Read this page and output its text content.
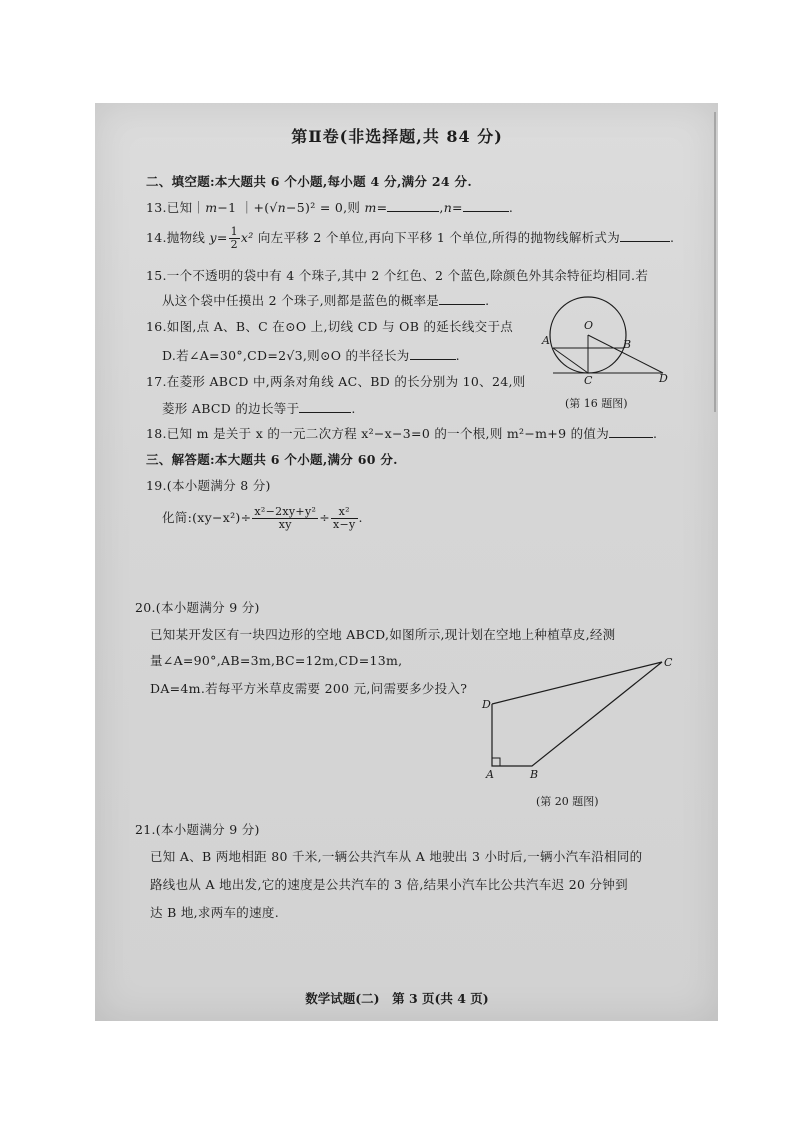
第Ⅱ卷(非选择题,共 84 分)
二、填空题:本大题共 6 个小题,每小题 4 分,满分 24 分.
13.已知｜m−1 ｜+(√n−5)² = 0,则 m=	,n=	.
14.抛物线 $y= \frac{1}{2} x^2$ 向左平移 2 个单位,再向下平移 1 个单位,所得的抛物线解析式为	.
15.一个不透明的袋中有 4 个珠子,其中 2 个红色、2 个蓝色,除颜色外其余特征均相同.若
从这个袋中任摸出 2 个珠子,则都是蓝色的概率是	.
16.如图,点 A、B、C 在⊙O 上,切线 CD 与 OB 的延长线交于点
D.若∠A=30°,CD=2√3,则⊙O 的半径长为	.
O
A	B
C	D
(第 16 题图)
17.在菱形 ABCD 中,两条对角线 AC、BD 的长分别为 10、24,则
菱形 ABCD 的边长等于	.
18.已知 m 是关于 x 的一元二次方程 x²−x−3=0 的一个根,则 m²−m+9 的值为	.
三、解答题:本大题共 6 个小题,满分 60 分.
19.(本小题满分 8 分)
化简:(xy−x²)÷ $\frac{\text{x²−2xy+y²}}{xy} \div \frac{\text{x²}}{x-y}$ .
20.(本小题满分 9 分)
已知某开发区有一块四边形的空地 ABCD,如图所示,现计划在空地上种植草皮,经测
量∠A=90°,AB=3m,BC=12m,CD=13m,
DA=4m.若每平方米草皮需要 200 元,问需要多少投入?
D
A	B
C
(第 20 题图)
21.(本小题满分 9 分)
已知 A、B 两地相距 80 千米,一辆公共汽车从 A 地驶出 3 小时后,一辆小汽车沿相同的
路线也从 A 地出发,它的速度是公共汽车的 3 倍,结果小汽车比公共汽车迟 20 分钟到
达 B 地,求两车的速度.
数学试题(二)　第 3 页(共 4 页)
